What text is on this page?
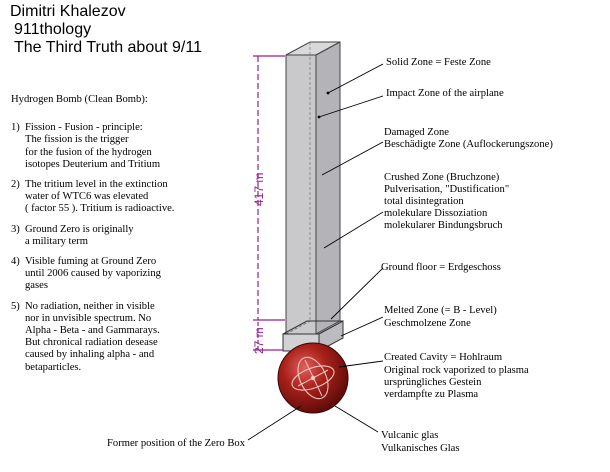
Dimitri Khalezov
911thology
The Third Truth about 9/11
Hydrogen Bomb (Clean Bomb):
1) Fission - Fusion - principle:
The fission is the trigger
for the fusion of the hydrogen
isotopes Deuterium and Tritium
2) The tritium level in the extinction
water of WTC6 was elevated
( factor 55 ). Tritium is radioactive.
3) Ground Zero is originally
a military term
4) Visible fuming at Ground Zero
until 2006 caused by vaporizing
gases
5) No radiation, neither in visible
nor in unvisible spectrum. No
Alpha - Beta - and Gammarays.
But chronical radiation desease
caused by inhaling alpha - and
betaparticles.
417 m
27 m
Solid Zone = Feste Zone
Impact Zone of the airplane
Damaged Zone
Beschädigte Zone (Auflockerungszone)
Crushed Zone (Bruchzone)
Pulverisation, "Dustification"
total disintegration
molekulare Dissoziation
molekularer Bindungsbruch
Ground floor = Erdgeschoss
Melted Zone (= B - Level)
Geschmolzene Zone
Created Cavity = Hohlraum
Original rock vaporized to plasma
ursprüngliches Gestein
verdampfte zu Plasma
Vulcanic glas
Vulkanisches Glas
Former position of the Zero Box
